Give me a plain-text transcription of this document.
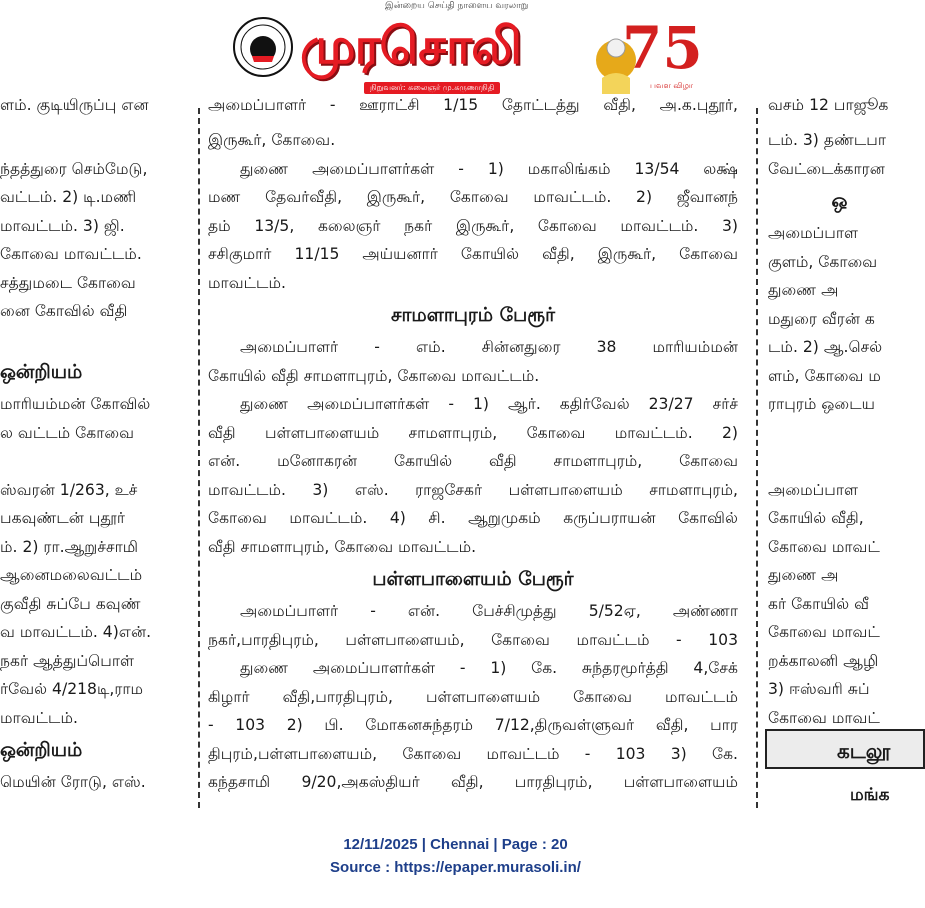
இன்றைய செய்தி நாளைய வரலாறு
முரசொலி
நிறுவனர்: கலைஞர் மு.கருணாநிதி
75
பவள விழா
ளம். குடியிருப்பு என
ந்தத்துரை செம்மேடு,
வட்டம். 2) டி.மணி
மாவட்டம். 3) ஜி.
கோவை மாவட்டம்.
சத்துமடை கோவை
னை கோவில் வீதி
ஒன்றியம்
மாரியம்மன் கோவில்
ல வட்டம் கோவை
ஸ்வரன் 1/263, உச்
பகவுண்டன் புதூர்
ம். 2) ரா.ஆறுச்சாமி
ஆனைமலைவட்டம்
குவீதி சுப்பே கவுண்
வ மாவட்டம். 4)என்.
நகர் ஆத்துப்பொள்
ர்வேல் 4/218டி,ராம
மாவட்டம்.
ஒன்றியம்
மெயின் ரோடு, எஸ்.
அமைப்பாளர் - ஊராட்சி 1/15 தோட்டத்து வீதி, அ.க.புதூர்,
இருகூர், கோவை.
துணை அமைப்பாளர்கள் - 1) மகாலிங்கம் 13/54 லக்ஷ்
மண தேவர்வீதி, இருகூர், கோவை மாவட்டம். 2) ஜீவானந்
தம் 13/5, கலைஞர் நகர் இருகூர், கோவை மாவட்டம். 3)
சசிகுமார் 11/15 அய்யனார் கோயில் வீதி, இருகூர், கோவை
மாவட்டம்.
சாமளாபுரம் பேரூர்
அமைப்பாளர் - எம். சின்னதுரை 38 மாரியம்மன்
கோயில் வீதி சாமளாபுரம், கோவை மாவட்டம்.
துணை அமைப்பாளர்கள் - 1) ஆர். கதிர்வேல் 23/27 சர்ச்
வீதி பள்ளபாளையம் சாமளாபுரம், கோவை மாவட்டம். 2)
என். மனோகரன் கோயில் வீதி சாமளாபுரம், கோவை
மாவட்டம். 3) எஸ். ராஜசேகர் பள்ளபாளையம் சாமளாபுரம்,
கோவை மாவட்டம். 4) சி. ஆறுமுகம் கருப்பராயன் கோவில்
வீதி சாமளாபுரம், கோவை மாவட்டம்.
பள்ளபாளையம் பேரூர்
அமைப்பாளர் - என். பேச்சிமுத்து 5/52ஏ, அண்ணா
நகர்,பாரதிபுரம், பள்ளபாளையம், கோவை மாவட்டம் - 103
துணை அமைப்பாளர்கள் - 1) கே. சுந்தரமூர்த்தி 4,சேக்
கிழார் வீதி,பாரதிபுரம், பள்ளபாளையம் கோவை மாவட்டம்
- 103 2) பி. மோகனசுந்தரம் 7/12,திருவள்ளுவர் வீதி, பார
திபுரம்,பள்ளபாளையம், கோவை மாவட்டம் - 103 3) கே.
கந்தசாமி 9/20,அகஸ்தியர் வீதி, பாரதிபுரம், பள்ளபாளையம்
வசம் 12 பாஜூக
டம். 3) தண்டபா
வேட்டைக்காரன
ஒ
அமைப்பாள
குளம், கோவை
துணை அ
மதுரை வீரன் க
டம். 2) ஆ.செல்
ளம், கோவை ம
ராபுரம் ஒடைய
அமைப்பாள
கோயில் வீதி,
கோவை மாவட்
துணை அ
கர் கோயில் வீ
கோவை மாவட்
றக்காலனி ஆழி
3) ஈஸ்வரி சுப்
கோவை மாவட்
கடலூ
மங்க
12/11/2025 | Chennai | Page : 20
Source : https://epaper.murasoli.in/
